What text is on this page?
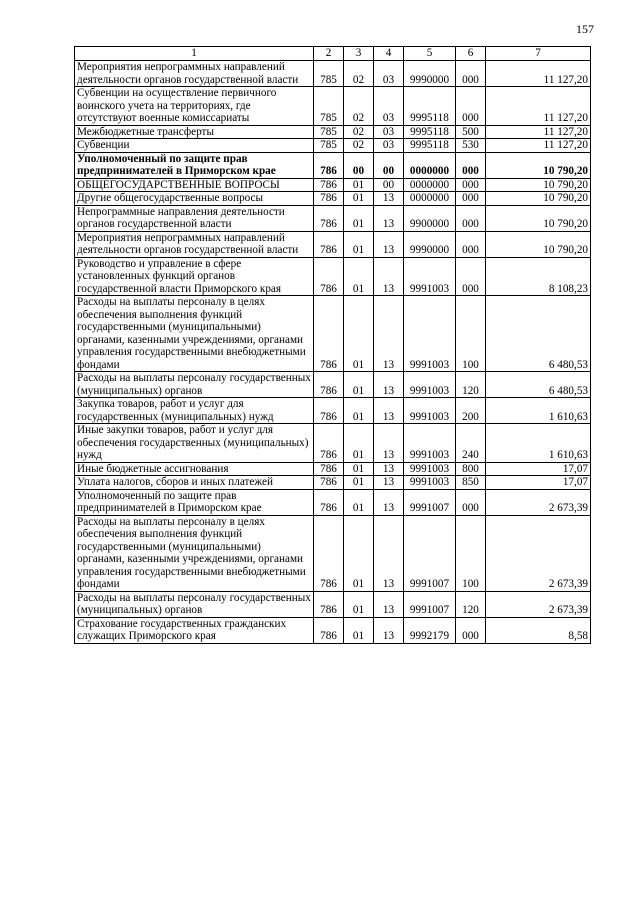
157
1	2	3	4	5	6	7
Мероприятия непрограммных направлений деятельности органов государственной власти	785	02	03	9990000	000	11 127,20
Субвенции на осуществление первичного воинского учета на территориях, где отсутствуют военные комиссариаты	785	02	03	9995118	000	11 127,20
Межбюджетные трансферты	785	02	03	9995118	500	11 127,20
Субвенции	785	02	03	9995118	530	11 127,20
Уполномоченный по защите прав предпринимателей в Приморском крае	786	00	00	0000000	000	10 790,20
ОБЩЕГОСУДАРСТВЕННЫЕ ВОПРОСЫ	786	01	00	0000000	000	10 790,20
Другие общегосударственные вопросы	786	01	13	0000000	000	10 790,20
Непрограммные направления деятельности органов государственной власти	786	01	13	9900000	000	10 790,20
Мероприятия непрограммных направлений деятельности органов государственной власти	786	01	13	9990000	000	10 790,20
Руководство и управление в сфере установленных функций органов государственной власти Приморского края	786	01	13	9991003	000	8 108,23
Расходы на выплаты персоналу в целях обеспечения выполнения функций государственными (муниципальными) органами, казенными учреждениями, органами управления государственными внебюджетными фондами	786	01	13	9991003	100	6 480,53
Расходы на выплаты персоналу государственных (муниципальных) органов	786	01	13	9991003	120	6 480,53
Закупка товаров, работ и услуг для государственных (муниципальных) нужд	786	01	13	9991003	200	1 610,63
Иные закупки товаров, работ и услуг для обеспечения государственных (муниципальных) нужд	786	01	13	9991003	240	1 610,63
Иные бюджетные ассигнования	786	01	13	9991003	800	17,07
Уплата налогов, сборов и иных платежей	786	01	13	9991003	850	17,07
Уполномоченный по защите прав предпринимателей в Приморском крае	786	01	13	9991007	000	2 673,39
Расходы на выплаты персоналу в целях обеспечения выполнения функций государственными (муниципальными) органами, казенными учреждениями, органами управления государственными внебюджетными фондами	786	01	13	9991007	100	2 673,39
Расходы на выплаты персоналу государственных (муниципальных) органов	786	01	13	9991007	120	2 673,39
Страхование государственных гражданских служащих Приморского края	786	01	13	9992179	000	8,58
